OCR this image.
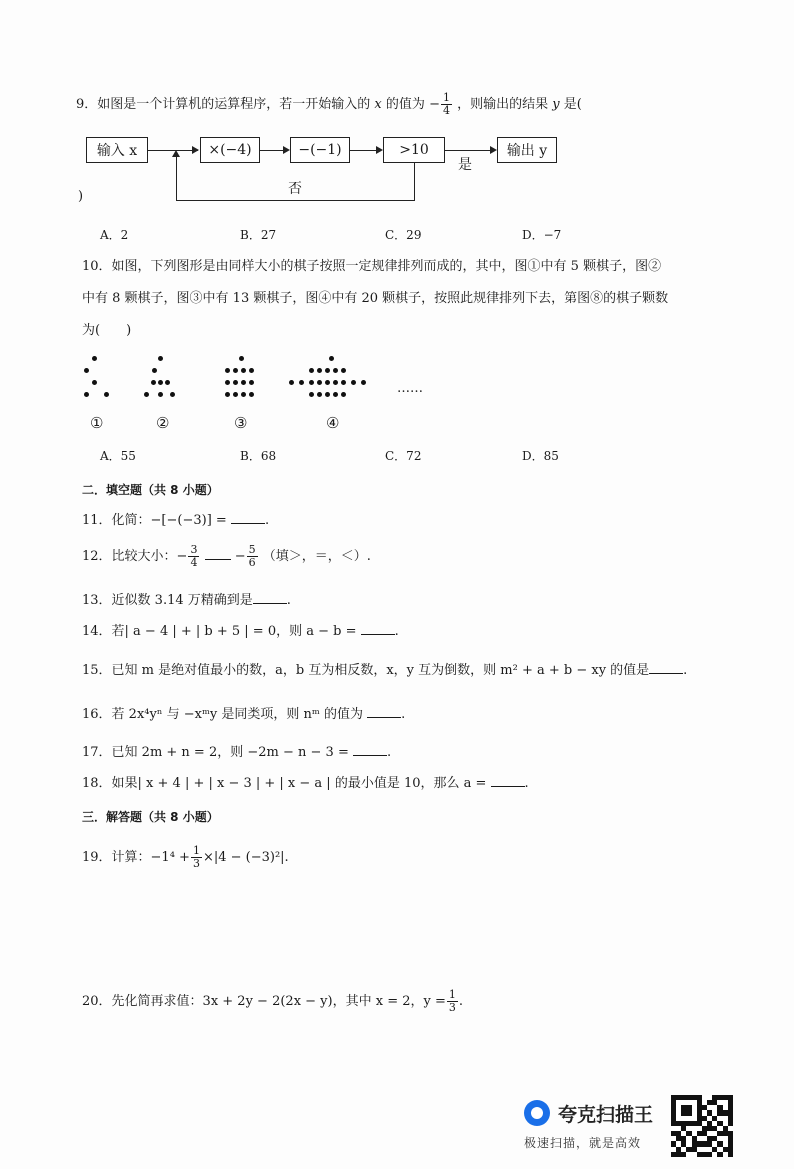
9．如图是一个计算机的运算程序，若一开始输入的 x 的值为 − $\frac{1}{4}$ ，则输出的结果 y 是(
输入 x	×(−4)	−(−1)	>10	输出 y
是
否
)
A．2	B．27	C．29	D．−7
10．如图，下列图形是由同样大小的棋子按照一定规律排列而成的，其中，图①中有 5 颗棋子，图②
中有 8 颗棋子，图③中有 13 颗棋子，图④中有 20 颗棋子，按照此规律排列下去，第图⑧的棋子颗数
为(　　)
……
①	②	③	④
A．55	B．68	C．72	D．85
二．填空题（共 8 小题）
11．化简：−[−(−3)] =	.
12．比较大小：− $\frac{3}{4}$	− $\frac{5}{6}$ （填＞，＝，＜）.
13．近似数 3.14 万精确到是	.
14．若| a − 4 | + | b + 5 | = 0，则 a − b =	.
15．已知 m 是绝对值最小的数，a，b 互为相反数，x，y 互为倒数，则 m² + a + b − xy 的值是	.
16．若 2x⁴yⁿ 与 −xᵐy 是同类项，则 nᵐ 的值为	.
17．已知 2m + n = 2，则 −2m − n − 3 =	.
18．如果| x + 4 | + | x − 3 | + | x − a | 的最小值是 10，那么 a =	.
三．解答题（共 8 小题）
19．计算：$-1^4 + \frac{1}{3} \times|4 - (-3)^2|$.
20．先化简再求值：3x + 2y − 2(2x − y)，其中 x = 2，$y = \frac{1}{3}$ .
夸克扫描王
极速扫描，就是高效
